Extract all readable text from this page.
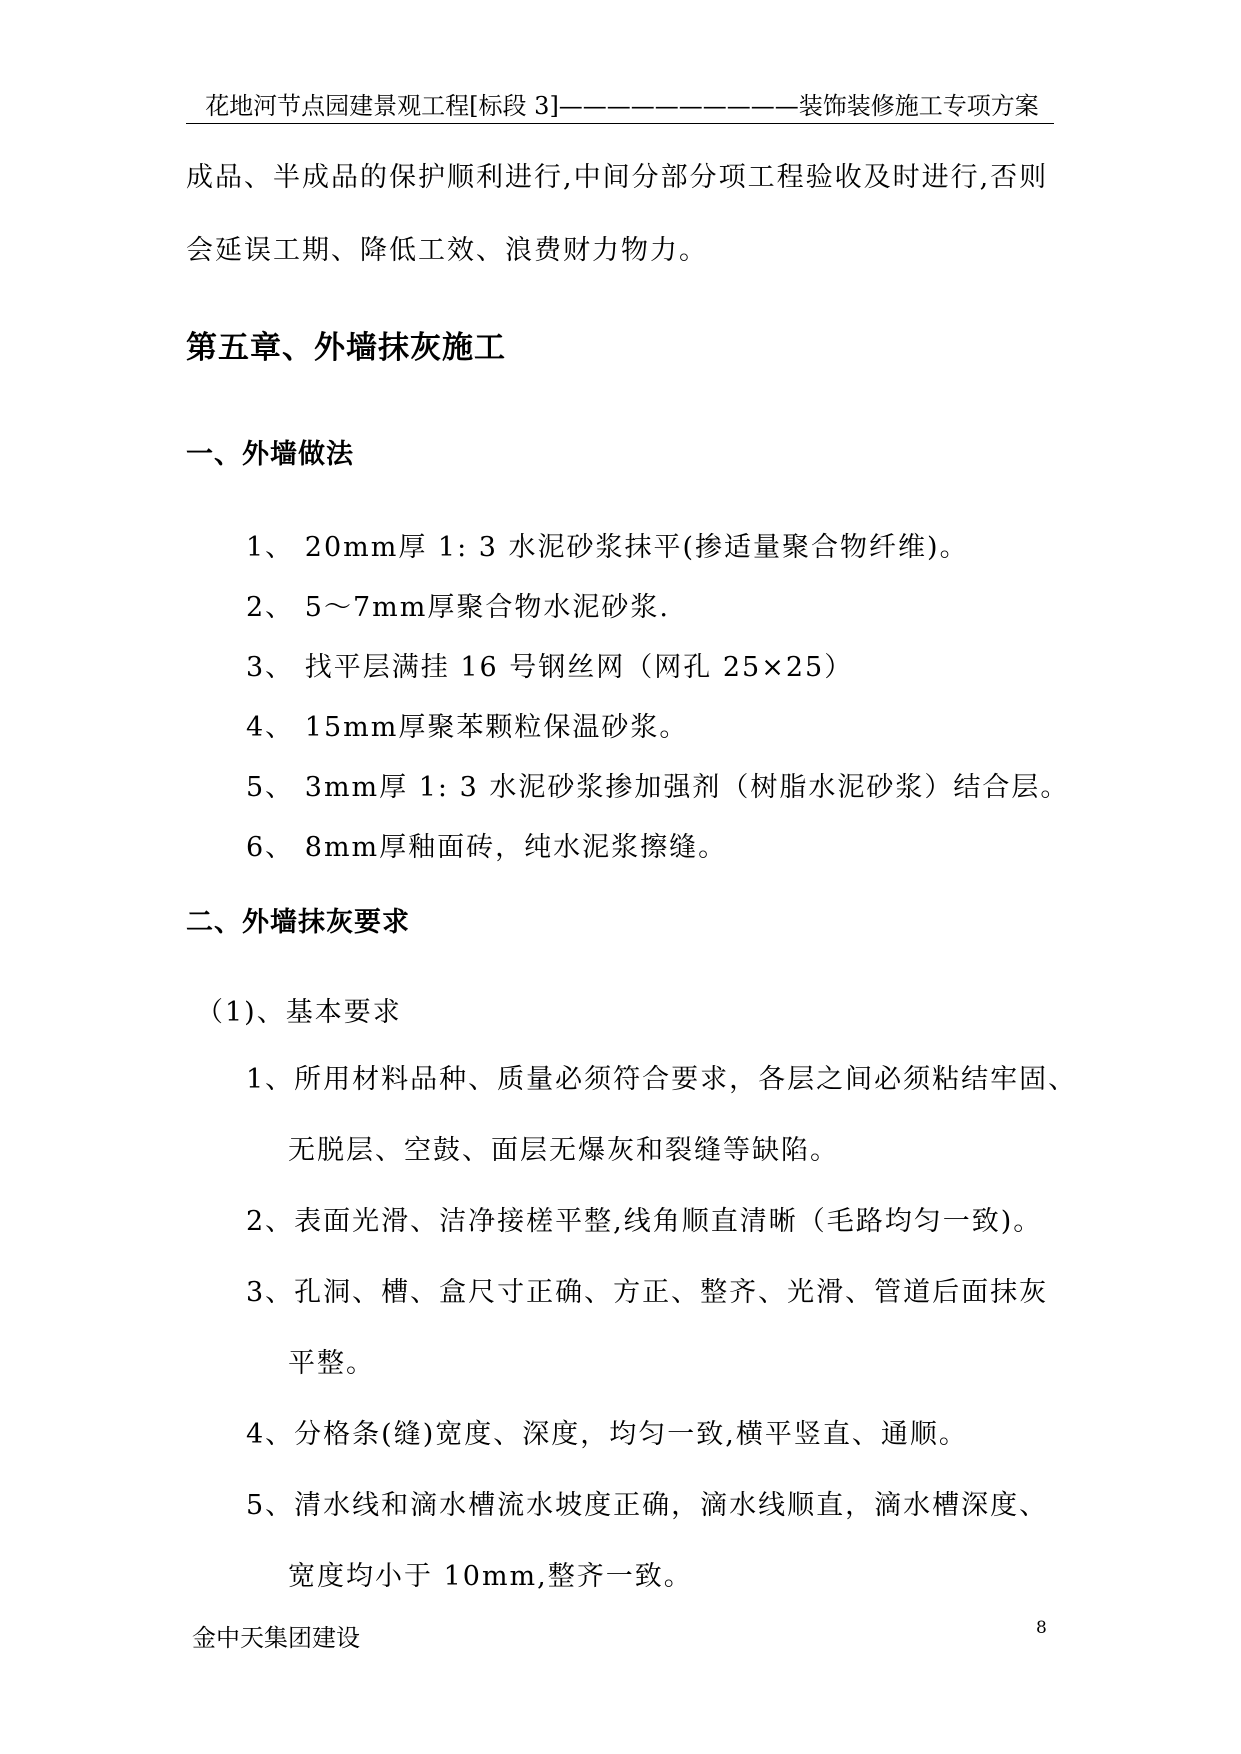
花地河节点园建景观工程[标段 3]——————————装饰装修施工专项方案
成品、半成品的保护顺利进行,中间分部分项工程验收及时进行,否则
会延误工期、降低工效、浪费财力物力。
第五章、外墙抹灰施工
一、外墙做法
1、 20mm厚 1: 3 水泥砂浆抹平(掺适量聚合物纤维)。
2、 5～7mm厚聚合物水泥砂浆.
3、 找平层满挂 16 号钢丝网（网孔 25×25）
4、 15mm厚聚苯颗粒保温砂浆。
5、 3mm厚 1: 3 水泥砂浆掺加强剂（树脂水泥砂浆）结合层。
6、 8mm厚釉面砖，纯水泥浆擦缝。
二、外墙抹灰要求
（1)、基本要求
1、所用材料品种、质量必须符合要求，各层之间必须粘结牢固、
无脱层、空鼓、面层无爆灰和裂缝等缺陷。
2、表面光滑、洁净接槎平整,线角顺直清晰（毛路均匀一致)。
3、孔洞、槽、盒尺寸正确、方正、整齐、光滑、管道后面抹灰
平整。
4、分格条(缝)宽度、深度，均匀一致,横平竖直、通顺。
5、清水线和滴水槽流水坡度正确，滴水线顺直，滴水槽深度、
宽度均小于 10mm,整齐一致。
金中天集团建设	8
